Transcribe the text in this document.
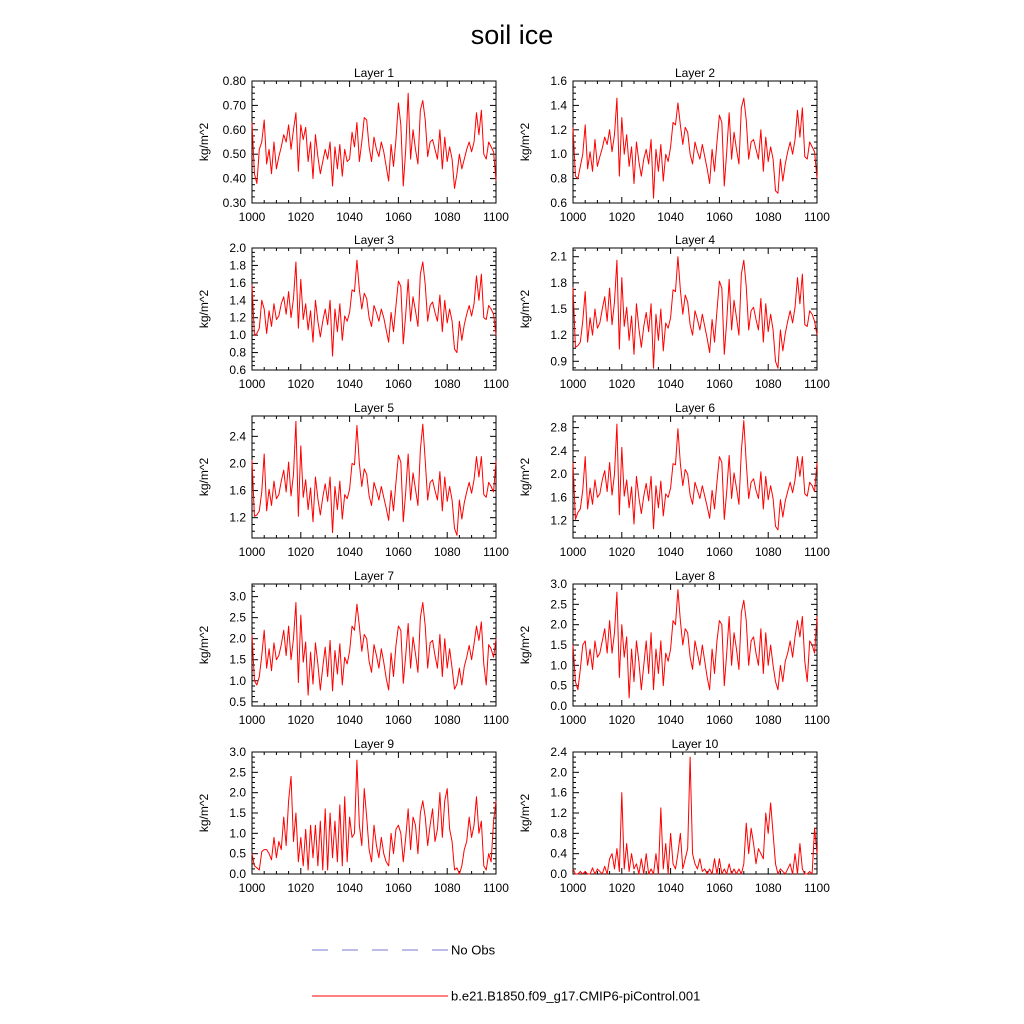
soil ice
Layer 1
1000 1020 1040 1060 1080 1100
0.30
0.40
0.50
0.60
0.70
0.80
kg/m^2
Layer 2
1000 1020 1040 1060 1080 1100
0.6
0.8
1.0
1.2
1.4
1.6
kg/m^2
Layer 3
1000 1020 1040 1060 1080 1100
0.6
0.8
1.0
1.2
1.4
1.6
1.8
2.0
kg/m^2
Layer 4
1000 1020 1040 1060 1080 1100
0.9
1.2
1.5
1.8
2.1
kg/m^2
Layer 5
1000 1020 1040 1060 1080 1100
1.2
1.6
2.0
2.4
kg/m^2
Layer 6
1000 1020 1040 1060 1080 1100
1.2
1.6
2.0
2.4
2.8
kg/m^2
Layer 7
1000 1020 1040 1060 1080 1100
0.5
1.0
1.5
2.0
2.5
3.0
kg/m^2
Layer 8
1000 1020 1040 1060 1080 1100
0.0
0.5
1.0
1.5
2.0
2.5
3.0
kg/m^2
Layer 9
1000 1020 1040 1060 1080 1100
0.0
0.5
1.0
1.5
2.0
2.5
3.0
kg/m^2
Layer 10
1000 1020 1040 1060 1080 1100
0.0
0.4
0.8
1.2
1.6
2.0
2.4
kg/m^2
No Obs
b.e21.B1850.f09_g17.CMIP6-piControl.001
